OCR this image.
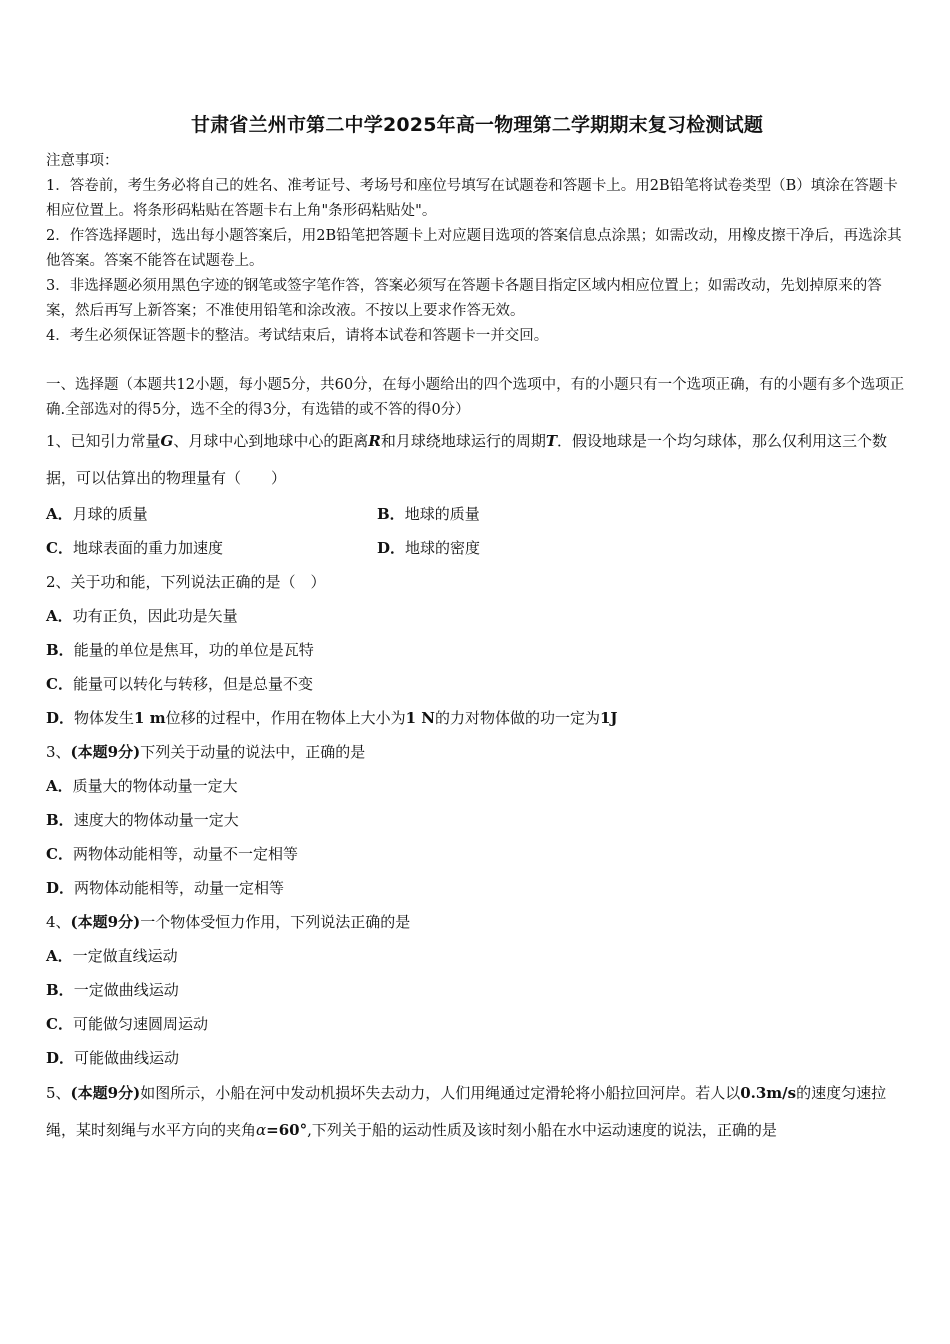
甘肃省兰州市第二中学2025年高一物理第二学期期末复习检测试题
注意事项：
1．答卷前，考生务必将自己的姓名、准考证号、考场号和座位号填写在试题卷和答题卡上。用2B铅笔将试卷类型（B）填涂在答题卡相应位置上。将条形码粘贴在答题卡右上角"条形码粘贴处"。
2．作答选择题时，选出每小题答案后，用2B铅笔把答题卡上对应题目选项的答案信息点涂黑；如需改动，用橡皮擦干净后，再选涂其他答案。答案不能答在试题卷上。
3．非选择题必须用黑色字迹的钢笔或签字笔作答，答案必须写在答题卡各题目指定区域内相应位置上；如需改动，先划掉原来的答案，然后再写上新答案；不准使用铅笔和涂改液。不按以上要求作答无效。
4．考生必须保证答题卡的整洁。考试结束后，请将本试卷和答题卡一并交回。
一、选择题（本题共12小题，每小题5分，共60分，在每小题给出的四个选项中，有的小题只有一个选项正确，有的小题有多个选项正确.全部选对的得5分，选不全的得3分，有选错的或不答的得0分）
1、已知引力常量G、月球中心到地球中心的距离R和月球绕地球运行的周期T．假设地球是一个均匀球体，那么仅利用这三个数据，可以估算出的物理量有（　　）
A．月球的质量	B．地球的质量
C．地球表面的重力加速度	D．地球的密度
2、关于功和能，下列说法正确的是（　）
A．功有正负，因此功是矢量
B．能量的单位是焦耳，功的单位是瓦特
C．能量可以转化与转移，但是总量不变
D．物体发生1 m位移的过程中，作用在物体上大小为1 N的力对物体做的功一定为1J
3、(本题9分)下列关于动量的说法中，正确的是
A．质量大的物体动量一定大
B．速度大的物体动量一定大
C．两物体动能相等，动量不一定相等
D．两物体动能相等，动量一定相等
4、(本题9分)一个物体受恒力作用，下列说法正确的是
A．一定做直线运动
B．一定做曲线运动
C．可能做匀速圆周运动
D．可能做曲线运动
5、(本题9分)如图所示，小船在河中发动机损坏失去动力，人们用绳通过定滑轮将小船拉回河岸。若人以0.3m/s的速度匀速拉绳，某时刻绳与水平方向的夹角α=60°,下列关于船的运动性质及该时刻小船在水中运动速度的说法，正确的是
